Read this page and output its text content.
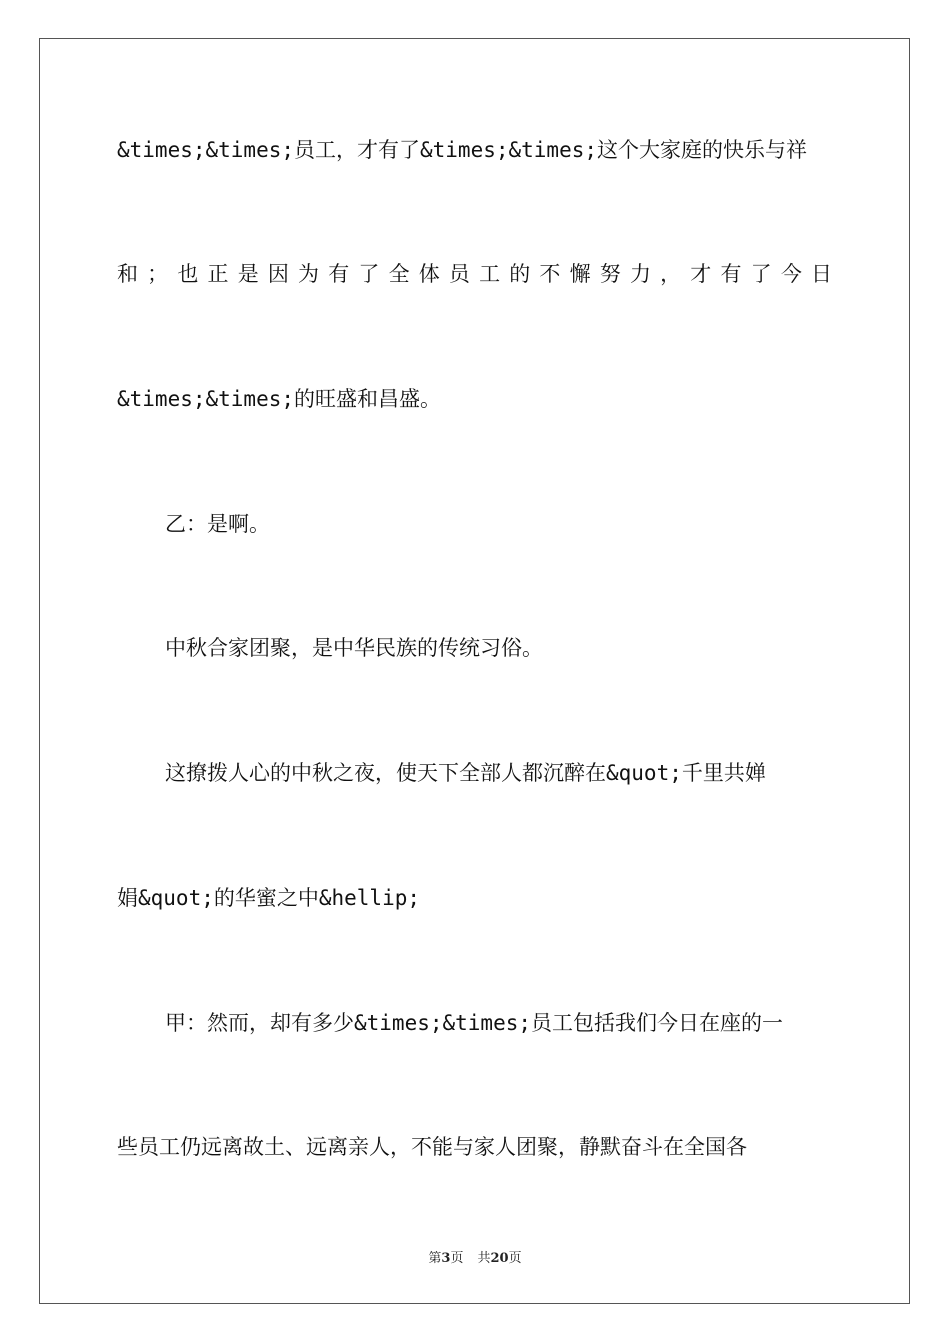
&times;&times;员工，才有了&times;&times;这个大家庭的快乐与祥
和；也正是因为有了全体员工的不懈努力，才有了今日
&times;&times;的旺盛和昌盛。
乙：是啊。
中秋合家团聚，是中华民族的传统习俗。
这撩拨人心的中秋之夜，使天下全部人都沉醉在&quot;千里共婵
娟&quot;的华蜜之中&hellip;
甲：然而，却有多少&times;&times;员工包括我们今日在座的一
些员工仍远离故土、远离亲人，不能与家人团聚，静默奋斗在全国各
第3页 共20页
